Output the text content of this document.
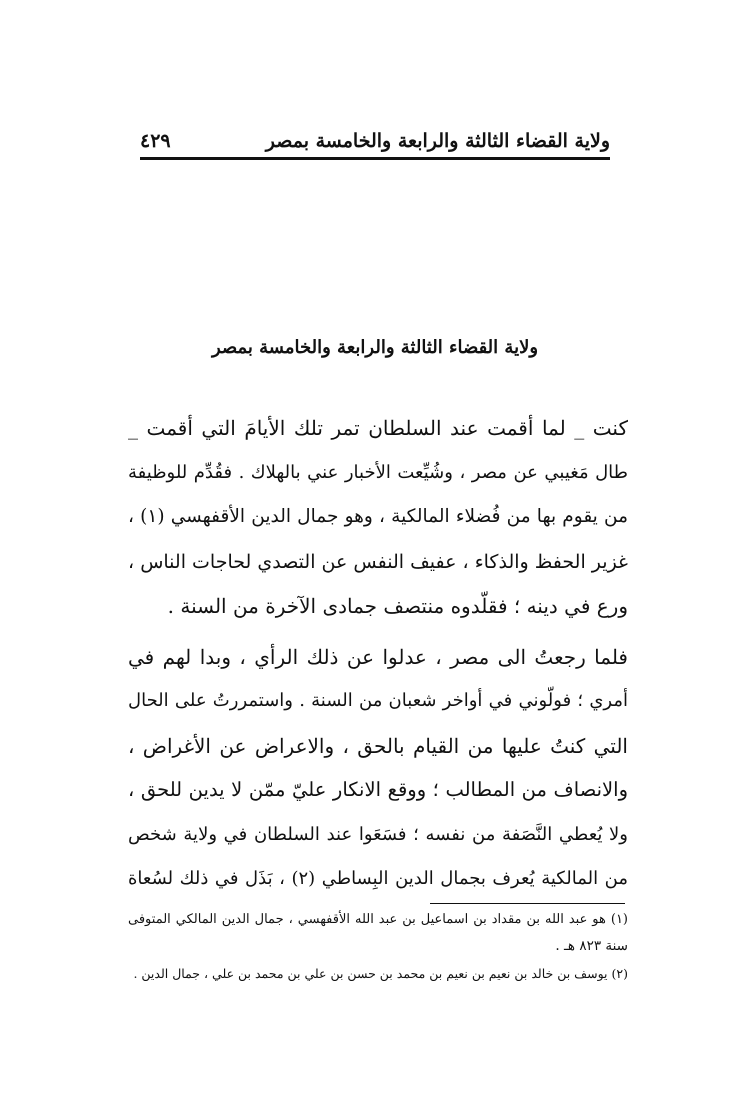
ولاية القضاء الثالثة والرابعة والخامسة بمصر
٤٢٩
ولاية القضاء الثالثة والرابعة والخامسة بمصر

كنت _ لما أقمت عند السلطان تمر تلك الأيامَ التي أقمت _
طال مَغيبي عن مصر ، وشُيِّعت الأخبار عني بالهلاك . فقُدِّم للوظيفة
من يقوم بها من فُضلاء المالكية ، وهو جمال الدين الأقفهسي (١) ،
غزير الحفظ والذكاء ، عفيف النفس عن التصدي لحاجات الناس ،
ورع في دينه ؛ فقلّدوه منتصف جمادى الآخرة من السنة .

فلما رجعتُ الى مصر ، عدلوا عن ذلك الرأي ، وبدا لهم في
أمري ؛ فولّوني في أواخر شعبان من السنة . واستمررتُ على الحال
التي كنتُ عليها من القيام بالحق ، والاعراض عن الأغراض ،
والانصاف من المطالب ؛ ووقع الانكار عليّ ممّن لا يدين للحق ،
ولا يُعطي النَّصَفة من نفسه ؛ فسَعَوا عند السلطان في ولاية شخص
من المالكية يُعرف بجمال الدين البِساطي (٢) ، بَذَل في ذلك لسُعاة

(١) هو عبد الله بن مقداد بن اسماعيل بن عبد الله الأقفهسي ، جمال الدين المالكي المتوفى
سنة ٨٢٣ هـ .
(٢) يوسف بن خالد بن نعيم بن نعيم بن محمد بن حسن بن علي بن محمد بن علي ، جمال الدين .
